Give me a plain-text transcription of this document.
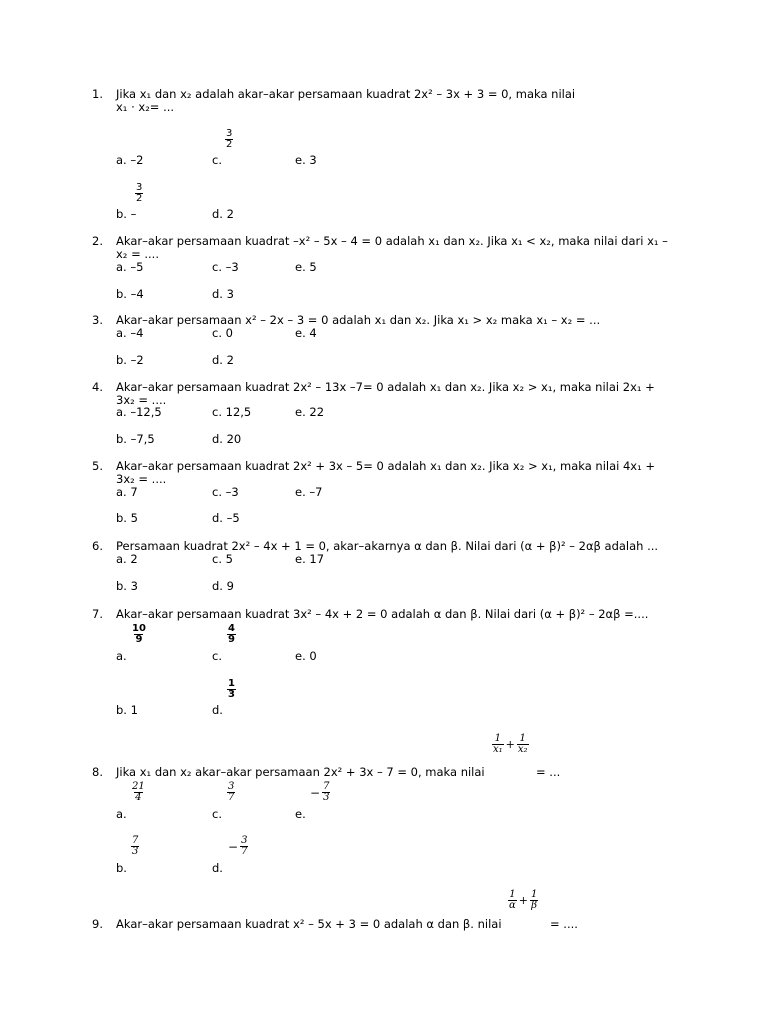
1. Jika x₁ dan x₂ adalah akar–akar persamaan kuadrat 2x² – 3x + 3 = 0, maka nilai
x₁ · x₂= ...
$\frac{3}{2}$
a. –2	c.	e. 3
$\frac{3}{2}$
b. –	d. 2
2. Akar–akar persamaan kuadrat –x² – 5x – 4 = 0 adalah x₁ dan x₂. Jika x₁ < x₂, maka nilai dari x₁ –
x₂ = ....
a. –5	c. –3	e. 5
b. –4	d. 3
3. Akar–akar persamaan x² – 2x – 3 = 0 adalah x₁ dan x₂. Jika x₁ > x₂ maka x₁ – x₂ = ...
a. –4	c. 0	e. 4
b. –2	d. 2
4. Akar–akar persamaan kuadrat 2x² – 13x –7= 0 adalah x₁ dan x₂. Jika x₂ > x₁, maka nilai 2x₁ +
3x₂ = ....
a. –12,5	c. 12,5	e. 22
b. –7,5	d. 20
5. Akar–akar persamaan kuadrat 2x² + 3x – 5= 0 adalah x₁ dan x₂. Jika x₂ > x₁, maka nilai 4x₁ +
3x₂ = ....
a. 7	c. –3	e. –7
b. 5	d. –5
6. Persamaan kuadrat 2x² – 4x + 1 = 0, akar–akarnya α dan β. Nilai dari (α + β)² – 2αβ adalah ...
a. 2	c. 5	e. 17
b. 3	d. 9
7. Akar–akar persamaan kuadrat 3x² – 4x + 2 = 0 adalah α dan β. Nilai dari (α + β)² – 2αβ =....
$\frac{10}{9}$	$\frac{4}{9}$
a.	c.	e. 0
$\frac{1}{3}$
b. 1	d.
$\frac{1}{\text{x₁}} + \frac{1}{\text{x₂}}$
8. Jika x₁ dan x₂ akar–akar persamaan 2x² + 3x – 7 = 0, maka nilai	= ...
$\frac{21}{4}$	$\frac{3}{7}$	− $\frac{7}{3}$
a.	c.	e.
$\frac{7}{3}$	− $\frac{3}{7}$
b.	d.
$\frac{1}{\alpha} + \frac{1}{\beta}$
9. Akar–akar persamaan kuadrat x² – 5x + 3 = 0 adalah α dan β. nilai	= ....
